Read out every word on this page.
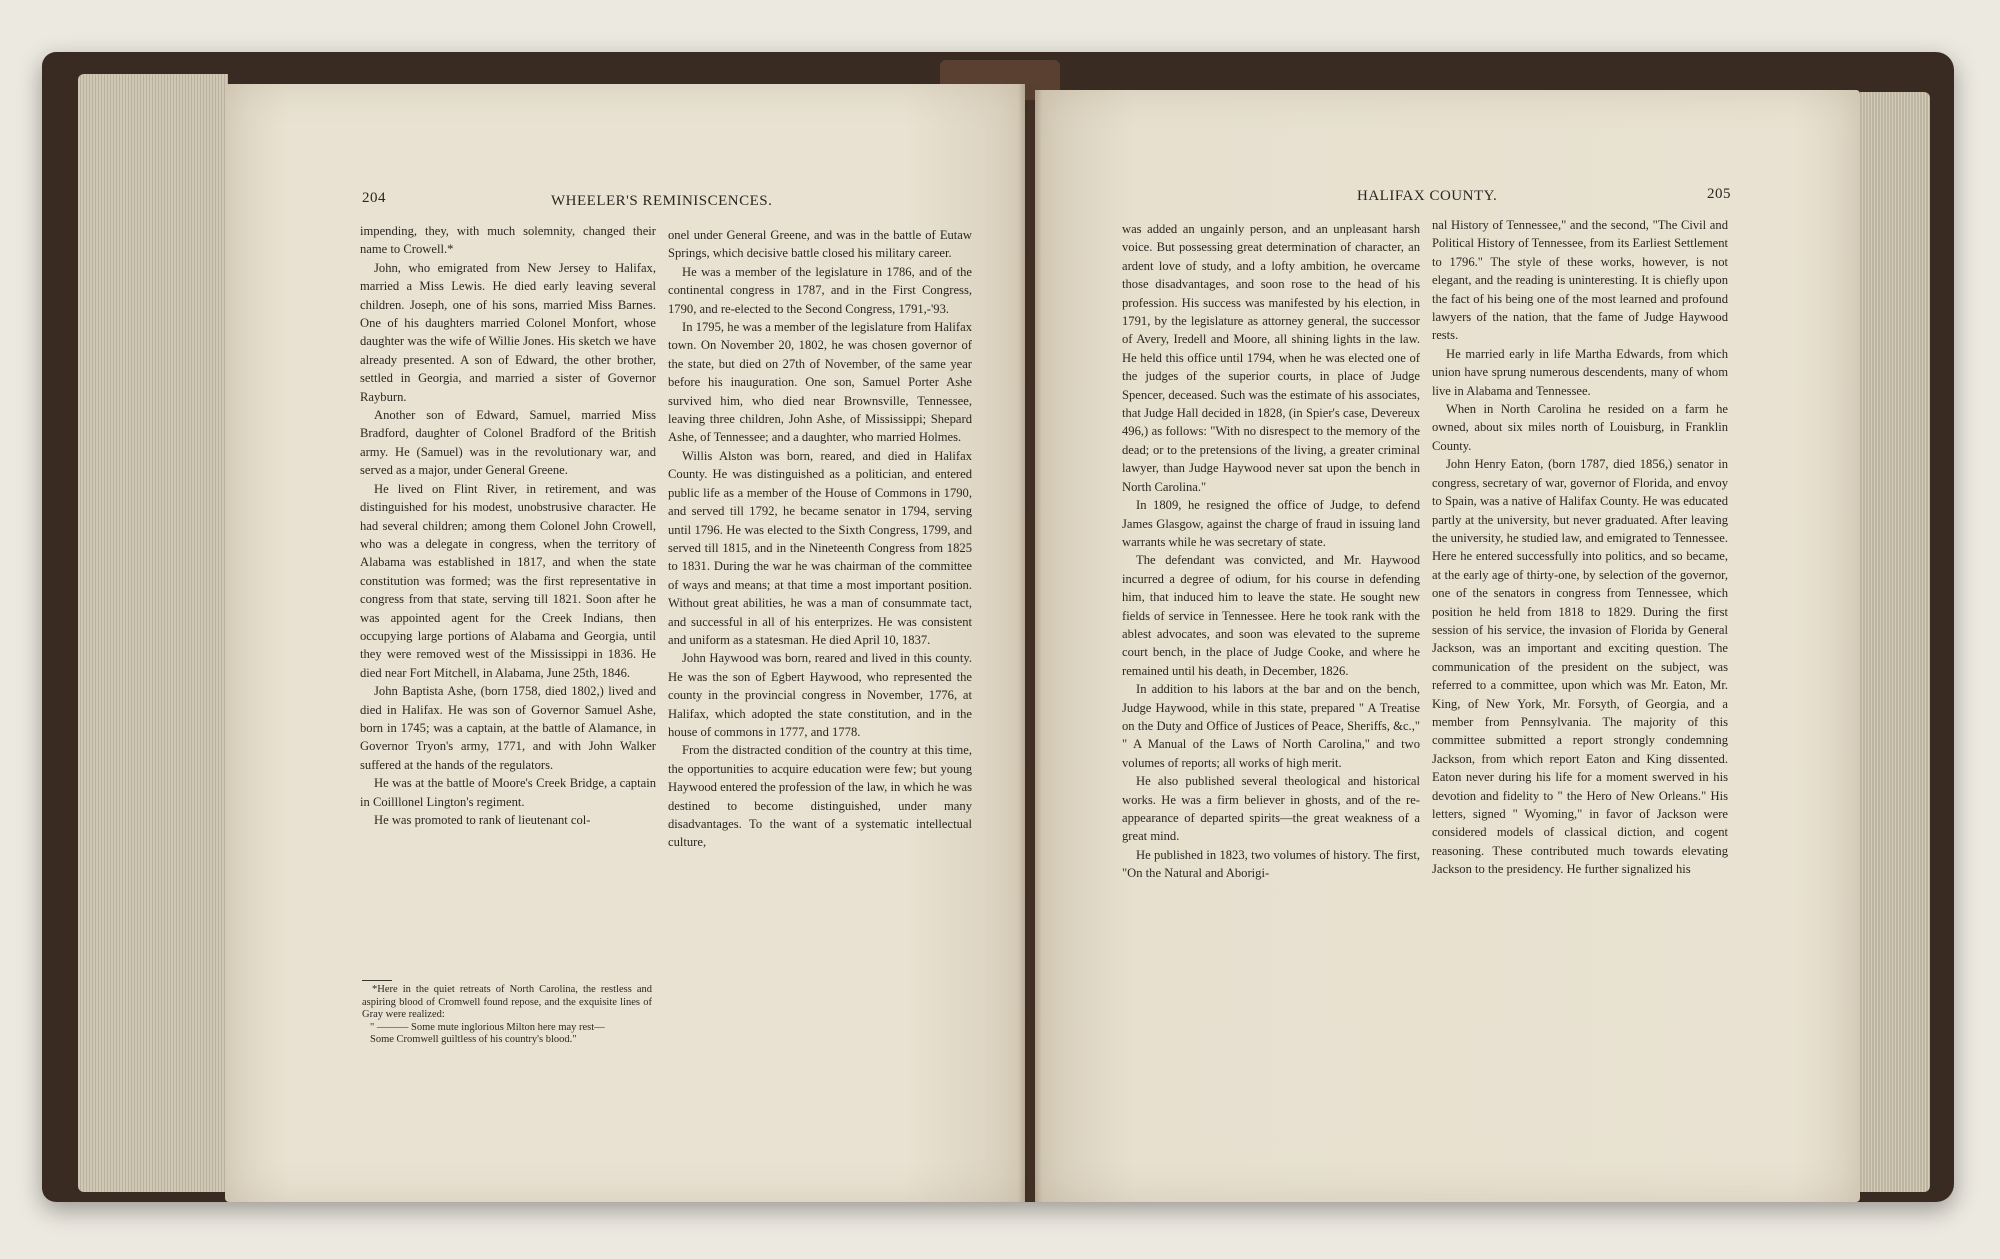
204	WHEELER'S REMINISCENCES.	HALIFAX COUNTY.	205

impending, they, with much solemnity, changed their name to Crowell.*

John, who emigrated from New Jersey to Halifax, married a Miss Lewis. He died early leaving several children. Joseph, one of his sons, married Miss Barnes. One of his daughters married Colonel Monfort, whose daughter was the wife of Willie Jones. His sketch we have already presented. A son of Edward, the other brother, settled in Georgia, and married a sister of Governor Rayburn.

Another son of Edward, Samuel, married Miss Bradford, daughter of Colonel Bradford of the British army. He (Samuel) was in the revolutionary war, and served as a major, under General Greene.

He lived on Flint River, in retirement, and was distinguished for his modest, unobstrusive character. He had several children; among them Colonel John Crowell, who was a delegate in congress, when the territory of Alabama was established in 1817, and when the state constitution was formed; was the first representative in congress from that state, serving till 1821. Soon after he was appointed agent for the Creek Indians, then occupying large portions of Alabama and Georgia, until they were removed west of the Mississippi in 1836. He died near Fort Mitchell, in Alabama, June 25th, 1846.

John Baptista Ashe, (born 1758, died 1802,) lived and died in Halifax. He was son of Governor Samuel Ashe, born in 1745; was a captain, at the battle of Alamance, in Governor Tryon's army, 1771, and with John Walker suffered at the hands of the regulators.

He was at the battle of Moore's Creek Bridge, a captain in Coilllonel Lington's regiment.

He was promoted to rank of lieutenant col-

*Here in the quiet retreats of North Carolina, the restless and aspiring blood of Cromwell found repose, and the exquisite lines of Gray were realized:

" ——— Some mute inglorious Milton here may rest—

Some Cromwell guiltless of his country's blood."

onel under General Greene, and was in the battle of Eutaw Springs, which decisive battle closed his military career.

He was a member of the legislature in 1786, and of the continental congress in 1787, and in the First Congress, 1790, and re-elected to the Second Congress, 1791,-'93.

In 1795, he was a member of the legislature from Halifax town. On November 20, 1802, he was chosen governor of the state, but died on 27th of November, of the same year before his inauguration. One son, Samuel Porter Ashe survived him, who died near Brownsville, Tennessee, leaving three children, John Ashe, of Mississippi; Shepard Ashe, of Tennessee; and a daughter, who married Holmes.

Willis Alston was born, reared, and died in Halifax County. He was distinguished as a politician, and entered public life as a member of the House of Commons in 1790, and served till 1792, he became senator in 1794, serving until 1796. He was elected to the Sixth Congress, 1799, and served till 1815, and in the Nineteenth Congress from 1825 to 1831. During the war he was chairman of the committee of ways and means; at that time a most important position. Without great abilities, he was a man of consummate tact, and successful in all of his enterprizes. He was consistent and uniform as a statesman. He died April 10, 1837.

John Haywood was born, reared and lived in this county. He was the son of Egbert Haywood, who represented the county in the provincial congress in November, 1776, at Halifax, which adopted the state constitution, and in the house of commons in 1777, and 1778.

From the distracted condition of the country at this time, the opportunities to acquire education were few; but young Haywood entered the profession of the law, in which he was destined to become distinguished, under many disadvantages. To the want of a systematic intellectual culture,

was added an ungainly person, and an unpleasant harsh voice. But possessing great determination of character, an ardent love of study, and a lofty ambition, he overcame those disadvantages, and soon rose to the head of his profession. His success was manifested by his election, in 1791, by the legislature as attorney general, the successor of Avery, Iredell and Moore, all shining lights in the law. He held this office until 1794, when he was elected one of the judges of the superior courts, in place of Judge Spencer, deceased. Such was the estimate of his associates, that Judge Hall decided in 1828, (in Spier's case, Devereux 496,) as follows: "With no disrespect to the memory of the dead; or to the pretensions of the living, a greater criminal lawyer, than Judge Haywood never sat upon the bench in North Carolina."

In 1809, he resigned the office of Judge, to defend James Glasgow, against the charge of fraud in issuing land warrants while he was secretary of state.

The defendant was convicted, and Mr. Haywood incurred a degree of odium, for his course in defending him, that induced him to leave the state. He sought new fields of service in Tennessee. Here he took rank with the ablest advocates, and soon was elevated to the supreme court bench, in the place of Judge Cooke, and where he remained until his death, in December, 1826.

In addition to his labors at the bar and on the bench, Judge Haywood, while in this state, prepared " A Treatise on the Duty and Office of Justices of Peace, Sheriffs, &c.," " A Manual of the Laws of North Carolina," and two volumes of reports; all works of high merit.

He also published several theological and historical works. He was a firm believer in ghosts, and of the re-appearance of departed spirits—the great weakness of a great mind.

He published in 1823, two volumes of history. The first, "On the Natural and Aborigi-

nal History of Tennessee," and the second, "The Civil and Political History of Tennessee, from its Earliest Settlement to 1796." The style of these works, however, is not elegant, and the reading is uninteresting. It is chiefly upon the fact of his being one of the most learned and profound lawyers of the nation, that the fame of Judge Haywood rests.

He married early in life Martha Edwards, from which union have sprung numerous descendents, many of whom live in Alabama and Tennessee.

When in North Carolina he resided on a farm he owned, about six miles north of Louisburg, in Franklin County.

John Henry Eaton, (born 1787, died 1856,) senator in congress, secretary of war, governor of Florida, and envoy to Spain, was a native of Halifax County. He was educated partly at the university, but never graduated. After leaving the university, he studied law, and emigrated to Tennessee. Here he entered successfully into politics, and so became, at the early age of thirty-one, by selection of the governor, one of the senators in congress from Tennessee, which position he held from 1818 to 1829. During the first session of his service, the invasion of Florida by General Jackson, was an important and exciting question. The communication of the president on the subject, was referred to a committee, upon which was Mr. Eaton, Mr. King, of New York, Mr. Forsyth, of Georgia, and a member from Pennsylvania. The majority of this committee submitted a report strongly condemning Jackson, from which report Eaton and King dissented. Eaton never during his life for a moment swerved in his devotion and fidelity to " the Hero of New Orleans." His letters, signed " Wyoming," in favor of Jackson were considered models of classical diction, and cogent reasoning. These contributed much towards elevating Jackson to the presidency. He further signalized his
